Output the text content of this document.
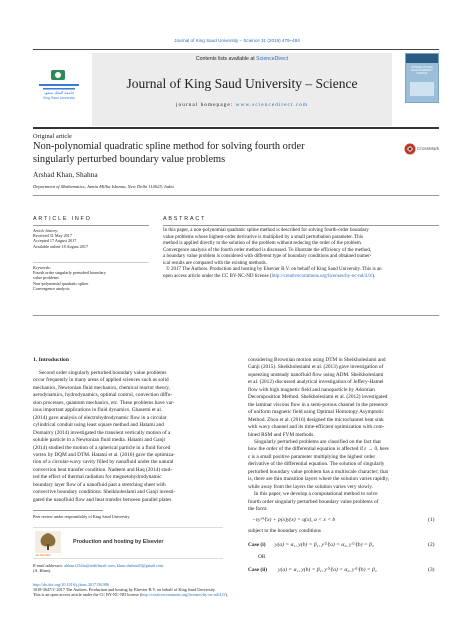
Journal of King Saud University – Science 31 (2019) 479–484
Contents lists available at ScienceDirect
Journal of King Saud University – Science
journal homepage: www.sciencedirect.com
جامعة الملك سعود
King Saud University
JOURNAL OF KING SAUD UNIVERSITY SCIENCE
Original article
Non-polynomial quadratic spline method for solving fourth order
singularly perturbed boundary value problems
CrossMark
Arshad Khan, Shahna
Department of Mathematics, Jamia Millia Islamia, New Delhi 110025, India
ARTICLE INFO
Article history:
Received 31 May 2017
Accepted 17 August 2017
Available online 18 August 2017
Keywords:
Fourth order singularly perturbed boundary
value problems
Non-polynomial quadratic spline
Convergence analysis
ABSTRACT
In this paper, a non-polynomial quadratic spline method is described for solving fourth-order boundary
value problems whose highest-order derivative is multiplied by a small perturbation parameter. This
method is applied directly to the solution of the problem without reducing the order of the problem.
Convergence analysis of the fourth order method is discussed. To illustrate the efficiency of the method,
a boundary value problem is considered with different type of boundary conditions and obtained numer-
ical results are compared with the existing methods.
© 2017 The Authors. Production and hosting by Elsevier B.V. on behalf of King Saud University. This is an
open access article under the CC BY-NC-ND license (http://creativecommons.org/licenses/by-nc-nd/4.0/).
1. Introduction
Second order singularly perturbed boundary value problems
occur frequently in many areas of applied sciences such as solid
mechanics, Newtonian fluid mechanics, chemical reactor theory,
aerodynamics, hydrodynamics, optimal control, convection diffu-
sion processes, quantum mechanics, etc. These problems have var-
ious important applications in fluid dynamics. Ghasemi et al.
(2014) gave analysis of electrohydrodynamic flow in a circular
cylindrical conduit using least square method and Hatami and
Domairry (2014) investigated the transient vertically motion of a
soluble particle in a Newtonian fluid media. Hatami and Ganji
(2014) studied the motion of a spherical particle in a fluid forced
vortex by DQM and DTM. Hatami et al. (2016) gave the optimiza-
tion of a circular-wavy cavity filled by nanofluid under the natural
convection heat transfer condition. Nadeem and Haq (2014) stud-
ied the effect of thermal radiation for megnetohydrodynamic
boundary layer flow of a nanofluid past a stretching sheet with
convective boundary conditions. Sheikholeslami and Ganji investi-
gated the nanofluid flow and heat transfer between parallel plates
considering Brownian motion using DTM in Sheikholeslami and
Ganji (2015). Sheikholeslami et al. (2013) gave investigation of
squeezing unsteady nanofluid flow using ADM. Sheikholeslami
et al. (2012) discussed analytical investigation of Jeffery-Hamel
flow with high magnetic field and nanoparticle by Adomian
Decomposition Method. Sheikholeslami et al. (2012) investigated
the laminar viscous flow in a semi-porous channel in the presence
of uniform magnetic field using Optimal Homotopy Asymptotic
Method. Zhou et al. (2016) designed the microchannel heat sink
with wavy channel and its time-efficient optimization with com-
bined RSM and FVM methods.
Singularly perturbed problems are classified on the fact that
how the order of the differential equation is affected if ε → 0, here
ε is a small positive parameter multiplying the highest order
derivative of the differential equation. The solution of singularly
perturbed boundary value problem has a multiscale character; that
is, there are thin transition layers where the solution varies rapidly,
while away from the layers the solution varies very slowly.
In this paper, we develop a computational method to solve
fourth order singularly perturbed boundary value problems of
the form:
−εy⁽⁴⁾(x) + p(x)y(x) = q(x), a < x < b	(1)
subject to the boundary conditions
Case (i) y(a) = α₁, y(b) = β₁, y⁽²⁾(a) = α₂, y⁽²⁾(b) = β₂	(2)
OR
Case (ii) y(a) = α₁, y(b) = β₁, y⁽¹⁾(a) = α₂, y⁽¹⁾(b) = β₂	(3)
Peer review under responsibility of King Saud University.
ELSEVIER
Production and hosting by Elsevier
E-mail addresses: akhan1234in@rediffmail.com, khan.shahna43@gmail.com
(A. Khan).
http://dx.doi.org/10.1016/j.jksus.2017.08.006
1018-3647/© 2017 The Authors. Production and hosting by Elsevier B.V. on behalf of King Saud University.
This is an open access article under the CC BY-NC-ND license (http://creativecommons.org/licenses/by-nc-nd/4.0/).
